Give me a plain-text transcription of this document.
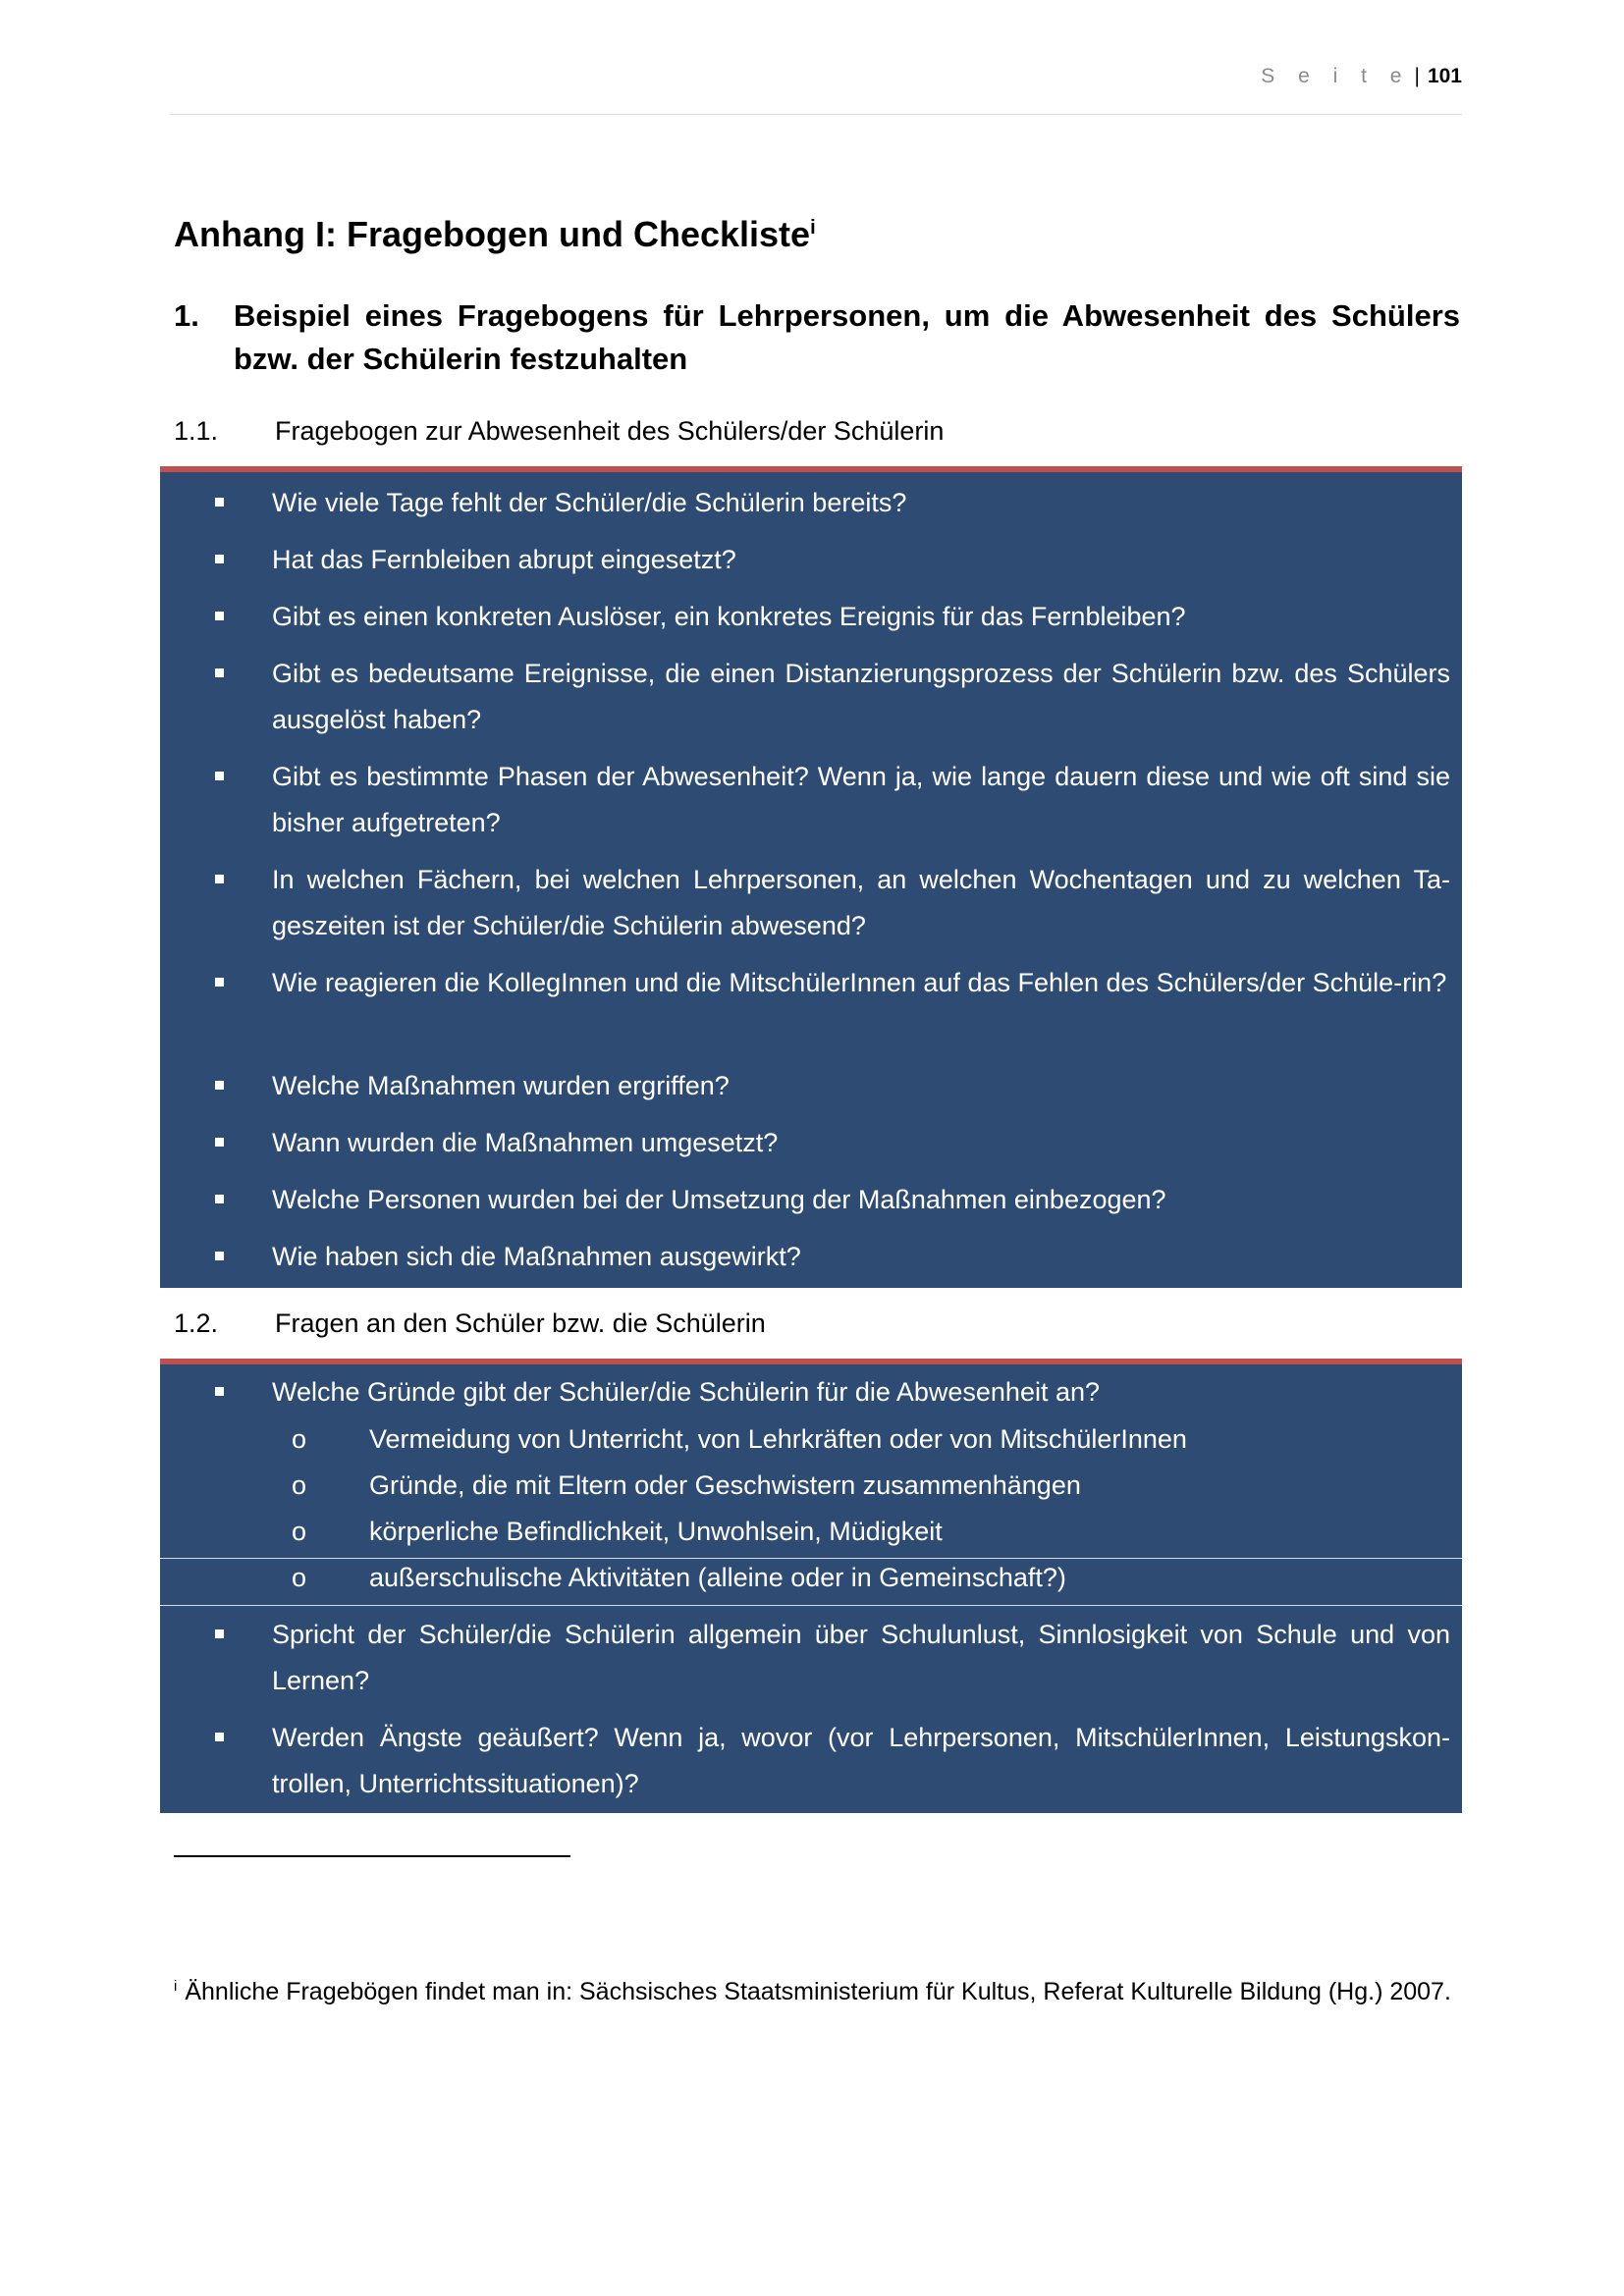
S e i t e | 101
Anhang I: Fragebogen und Checkliste$^i$
1. Beispiel eines Fragebogens für Lehrpersonen, um die Abwesenheit des Schülers bzw. der Schülerin festzuhalten
1.1. Fragebogen zur Abwesenheit des Schülers/der Schülerin
Wie viele Tage fehlt der Schüler/die Schülerin bereits?
Hat das Fernbleiben abrupt eingesetzt?
Gibt es einen konkreten Auslöser, ein konkretes Ereignis für das Fernbleiben?
Gibt es bedeutsame Ereignisse, die einen Distanzierungsprozess der Schülerin bzw. des Schülers ausgelöst haben?
Gibt es bestimmte Phasen der Abwesenheit? Wenn ja, wie lange dauern diese und wie oft sind sie bisher aufgetreten?
In welchen Fächern, bei welchen Lehrpersonen, an welchen Wochentagen und zu welchen Ta-geszeiten ist der Schüler/die Schülerin abwesend?
Wie reagieren die KollegInnen und die MitschülerInnen auf das Fehlen des Schülers/der Schüle-rin?
Welche Maßnahmen wurden ergriffen?
Wann wurden die Maßnahmen umgesetzt?
Welche Personen wurden bei der Umsetzung der Maßnahmen einbezogen?
Wie haben sich die Maßnahmen ausgewirkt?
1.2. Fragen an den Schüler bzw. die Schülerin
Welche Gründe gibt der Schüler/die Schülerin für die Abwesenheit an?
o Vermeidung von Unterricht, von Lehrkräften oder von MitschülerInnen
o Gründe, die mit Eltern oder Geschwistern zusammenhängen
o körperliche Befindlichkeit, Unwohlsein, Müdigkeit
o außerschulische Aktivitäten (alleine oder in Gemeinschaft?)
Spricht der Schüler/die Schülerin allgemein über Schulunlust, Sinnlosigkeit von Schule und von Lernen?
Werden Ängste geäußert? Wenn ja, wovor (vor Lehrpersonen, MitschülerInnen, Leistungskon-trollen, Unterrichtssituationen)?
$^i$ Ähnliche Fragebögen findet man in: Sächsisches Staatsministerium für Kultus, Referat Kulturelle Bildung (Hg.) 2007.
